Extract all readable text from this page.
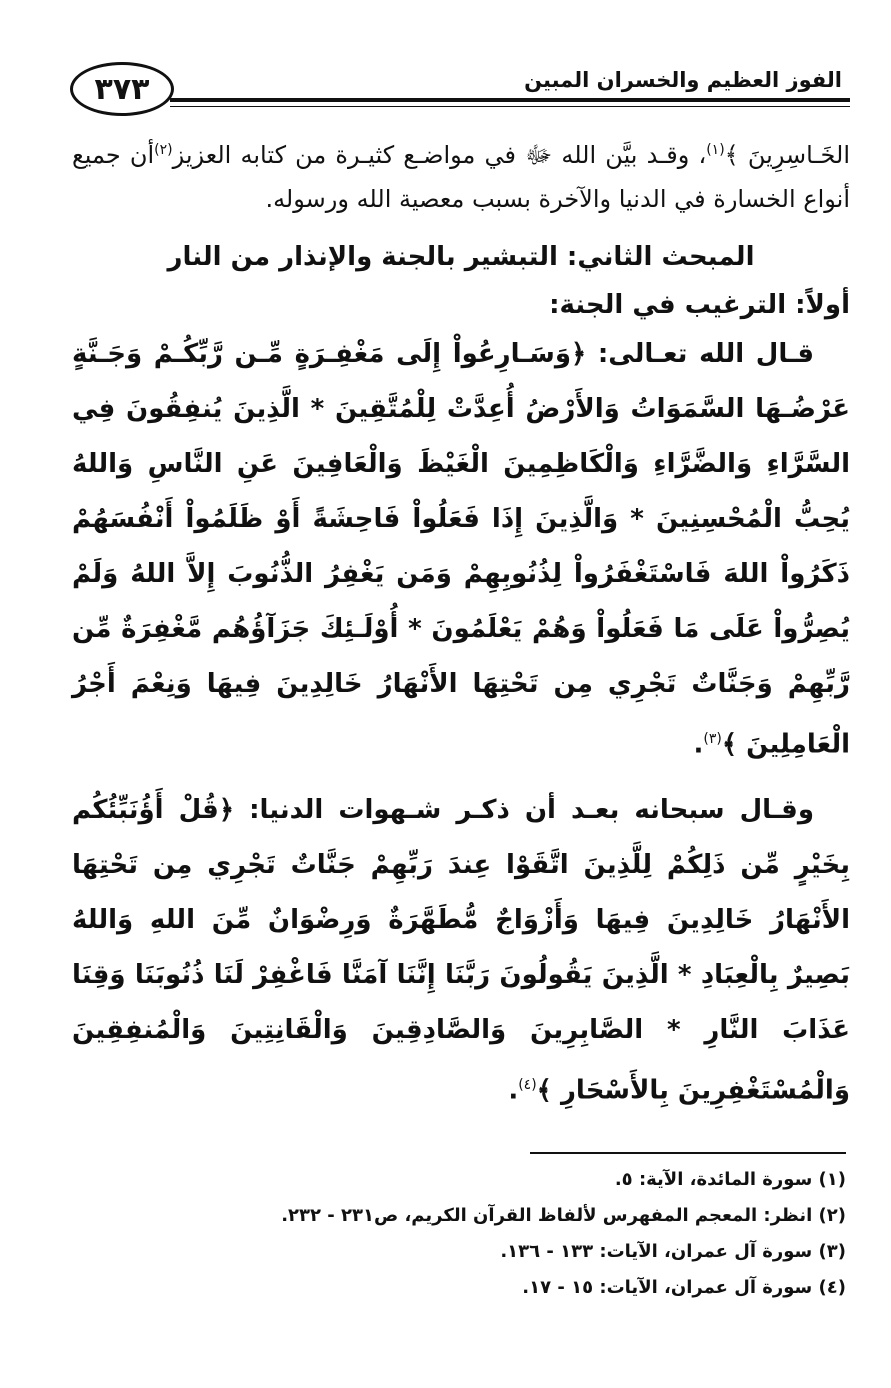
٣٧٣	الفوز العظيم والخسران المبين

الخَـاسِرِينَ ﴾$^{(١)}$، وقـد بيَّن الله ﷻ في مواضـع كثيـرة من كتابه العزيز$^{(٢)}$أن جميع أنواع الخسارة في الدنيا والآخرة بسبب معصية الله ورسوله.

المبحث الثاني: التبشير بالجنة والإنذار من النار

أولاً: الترغيب في الجنة:

قـال الله تعـالى: ﴿وَسَـارِعُواْ إِلَى مَغْفِـرَةٍ مِّـن رَّبِّكُـمْ وَجَـنَّةٍ عَرْضُـهَا السَّمَوَاتُ وَالأَرْضُ أُعِدَّتْ لِلْمُتَّقِينَ * الَّذِينَ يُنفِقُونَ فِي السَّرَّاءِ وَالضَّرَّاءِ وَالْكَاظِمِينَ الْغَيْظَ وَالْعَافِينَ عَنِ النَّاسِ وَاللهُ يُحِبُّ الْمُحْسِنِينَ * وَالَّذِينَ إِذَا فَعَلُواْ فَاحِشَةً أَوْ ظَلَمُواْ أَنْفُسَهُمْ ذَكَرُواْ اللهَ فَاسْتَغْفَرُواْ لِذُنُوبِهِمْ وَمَن يَغْفِرُ الذُّنُوبَ إِلاَّ اللهُ وَلَمْ يُصِرُّواْ عَلَى مَا فَعَلُواْ وَهُمْ يَعْلَمُونَ * أُوْلَـئِكَ جَزَآؤُهُم مَّغْفِرَةٌ مِّن رَّبِّهِمْ وَجَنَّاتٌ تَجْرِي مِن تَحْتِهَا الأَنْهَارُ خَالِدِينَ فِيهَا وَنِعْمَ أَجْرُ الْعَامِلِينَ ﴾$^{(٣)}$.

وقـال سبحانه بعـد أن ذكـر شـهوات الدنيا: ﴿قُلْ أَؤُنَبِّئُكُم بِخَيْرٍ مِّن ذَلِكُمْ لِلَّذِينَ اتَّقَوْا عِندَ رَبِّهِمْ جَنَّاتٌ تَجْرِي مِن تَحْتِهَا الأَنْهَارُ خَالِدِينَ فِيهَا وَأَزْوَاجٌ مُّطَهَّرَةٌ وَرِضْوَانٌ مِّنَ اللهِ وَاللهُ بَصِيرٌ بِالْعِبَادِ * الَّذِينَ يَقُولُونَ رَبَّنَا إِنَّنَا آمَنَّا فَاغْفِرْ لَنَا ذُنُوبَنَا وَقِنَا عَذَابَ النَّارِ * الصَّابِرِينَ وَالصَّادِقِينَ وَالْقَانِتِينَ وَالْمُنفِقِينَ وَالْمُسْتَغْفِرِينَ بِالأَسْحَارِ ﴾$^{(٤)}$.

(١) سورة المائدة، الآية: ٥.
(٢) انظر: المعجم المفهرس لألفاظ القرآن الكريم، ص٢٣١ - ٢٣٢.
(٣) سورة آل عمران، الآيات: ١٣٣ - ١٣٦.
(٤) سورة آل عمران، الآيات: ١٥ - ١٧.
